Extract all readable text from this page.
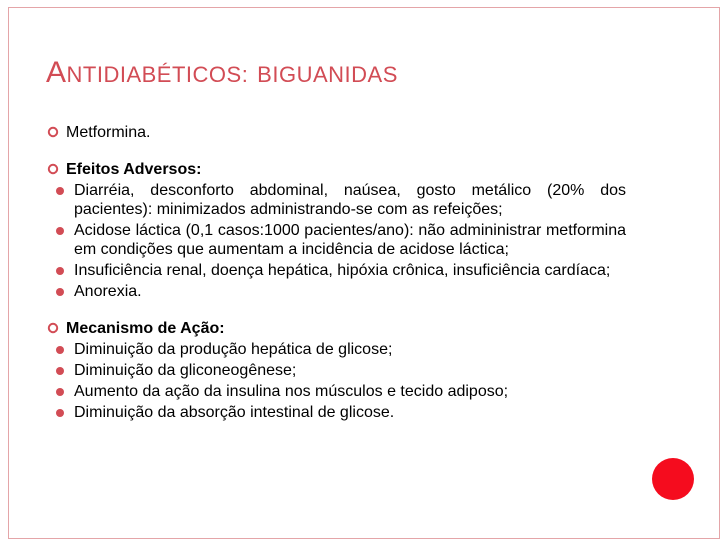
ANTIDIABÉTICOS: BIGUANIDAS
Metformina.
Efeitos Adversos:
Diarréia, desconforto abdominal, naúsea, gosto metálico (20% dos pacientes): minimizados administrando-se com as refeições;
Acidose láctica (0,1 casos:1000 pacientes/ano): não admininistrar metformina em condições que aumentam a incidência de acidose láctica;
Insuficiência renal, doença hepática, hipóxia crônica, insuficiência cardíaca;
Anorexia.
Mecanismo de Ação:
Diminuição da produção hepática de glicose;
Diminuição da gliconeogênese;
Aumento da ação da insulina nos músculos e tecido adiposo;
Diminuição da absorção intestinal de glicose.
